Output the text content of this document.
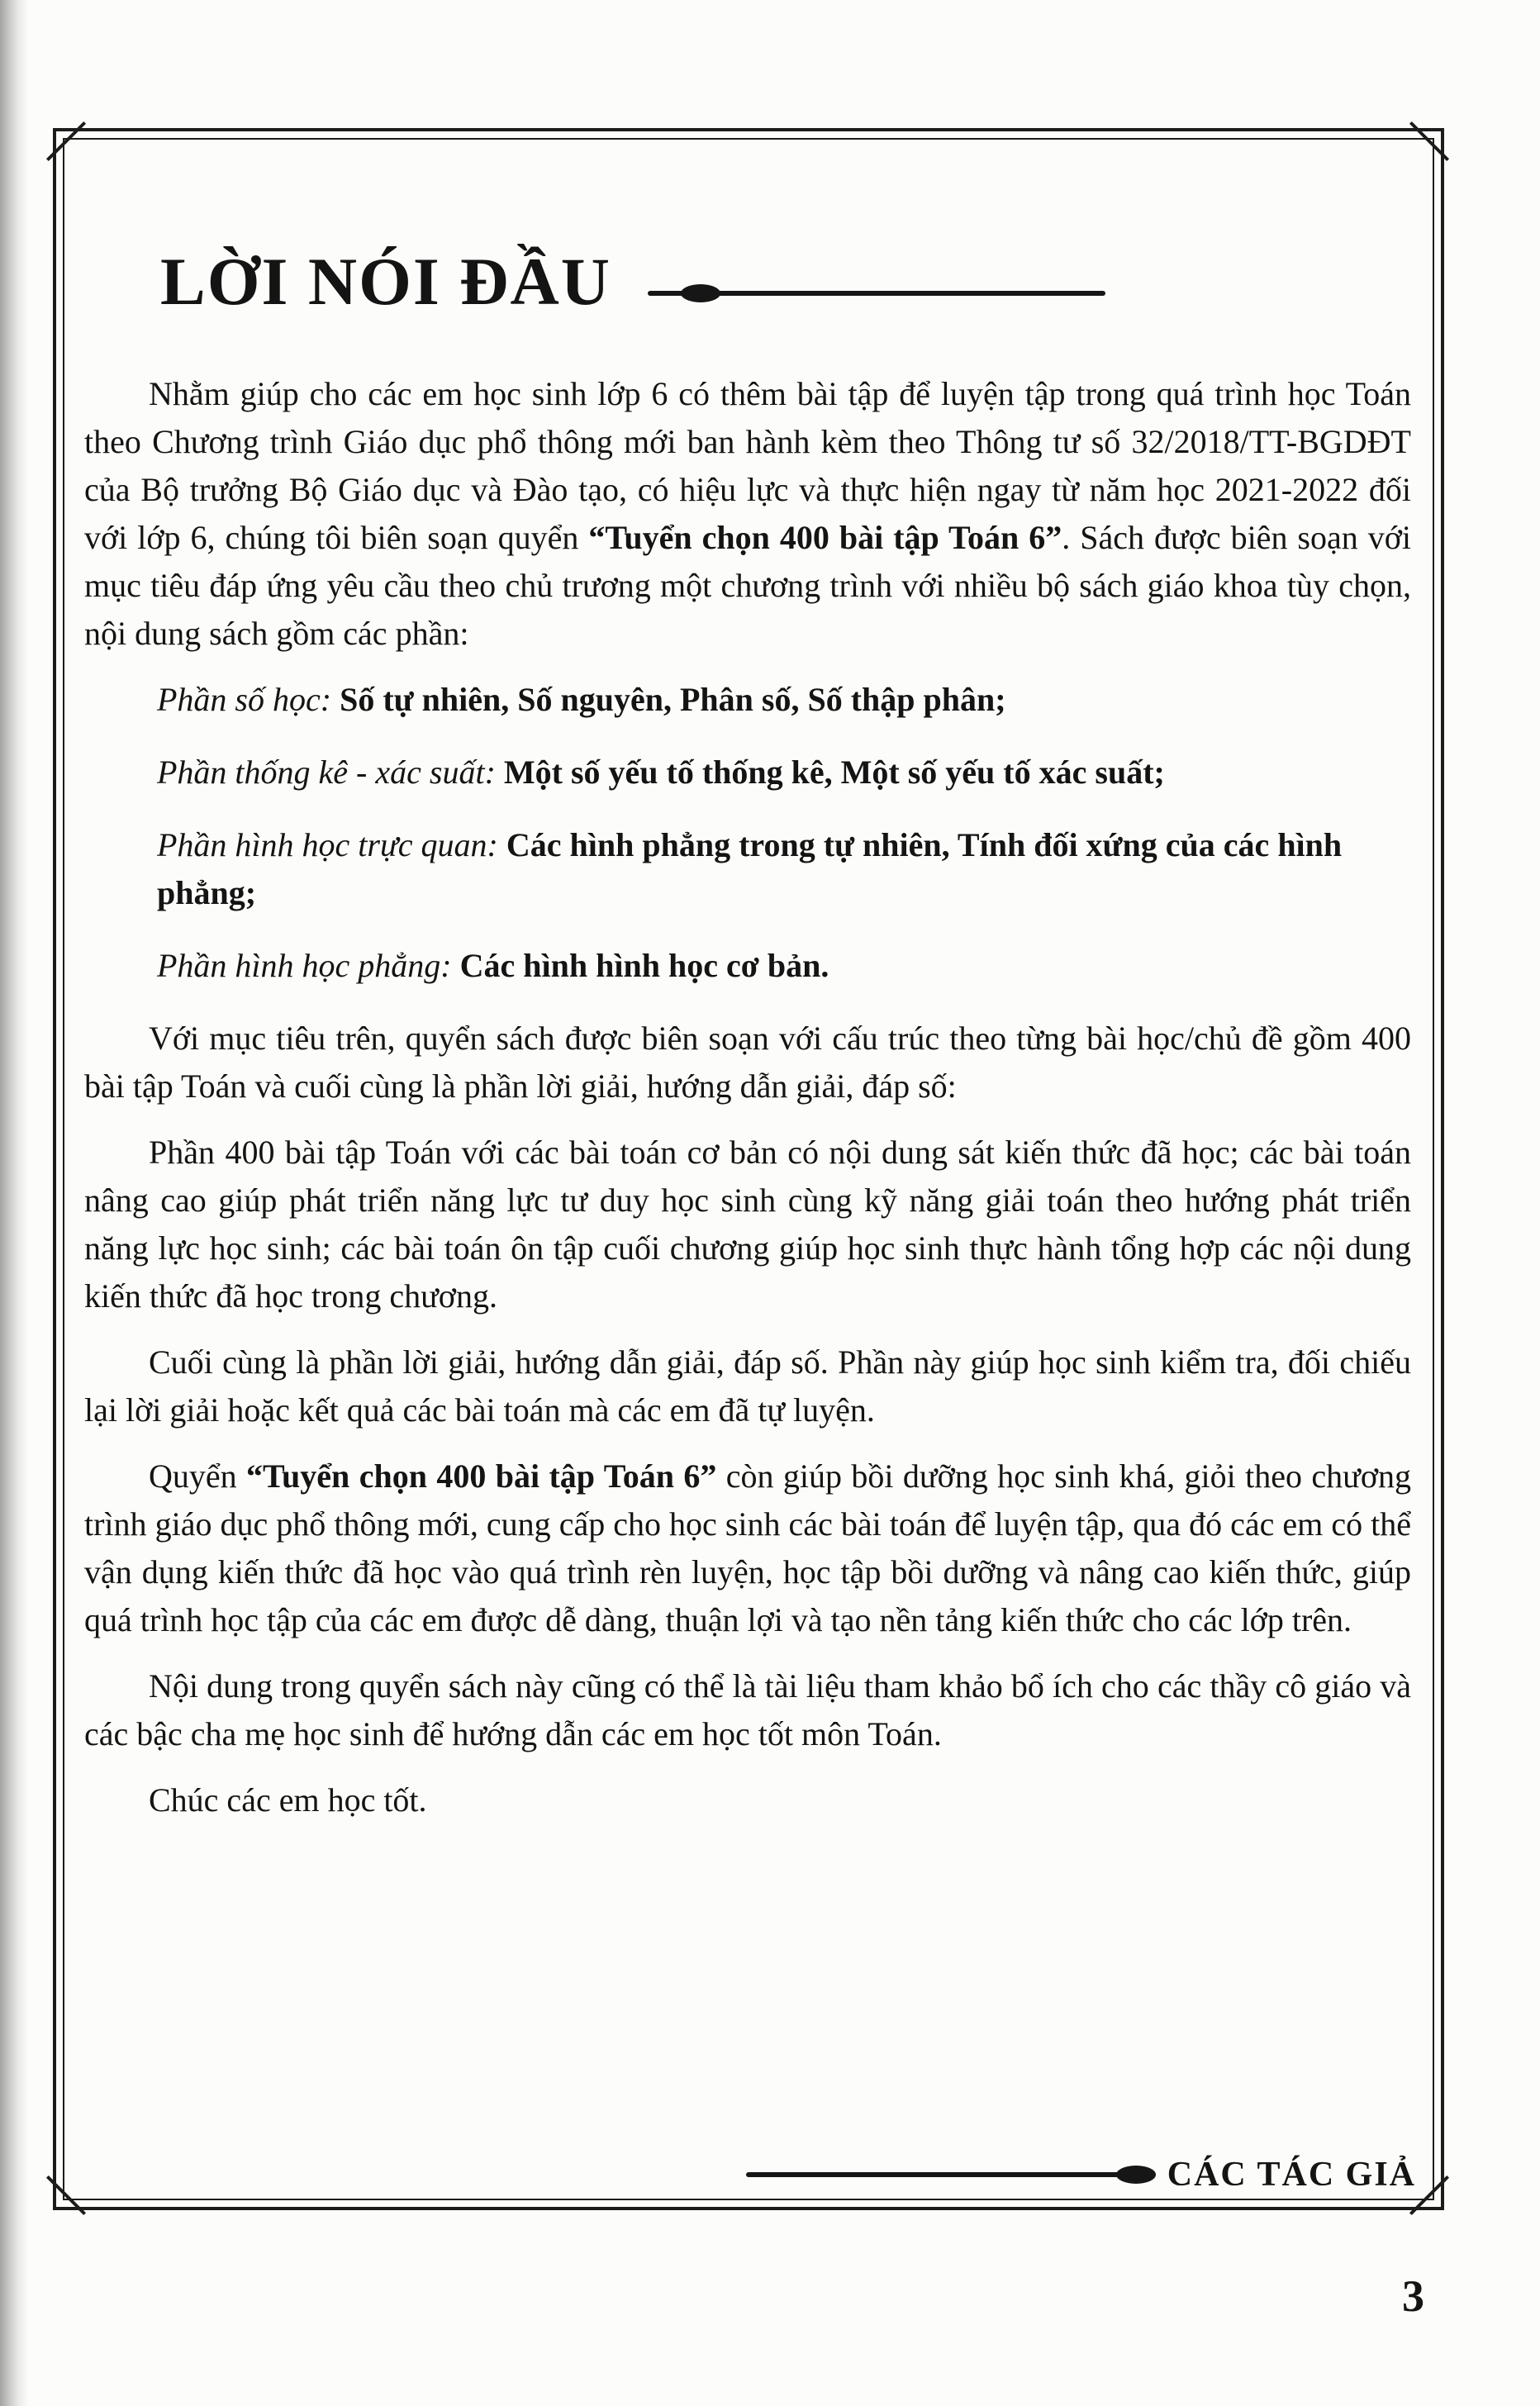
LỜI NÓI ĐẦU

Nhằm giúp cho các em học sinh lớp 6 có thêm bài tập để luyện tập trong quá trình học Toán theo Chương trình Giáo dục phổ thông mới ban hành kèm theo Thông tư số 32/2018/TT-BGDĐT của Bộ trưởng Bộ Giáo dục và Đào tạo, có hiệu lực và thực hiện ngay từ năm học 2021-2022 đối với lớp 6, chúng tôi biên soạn quyển “Tuyển chọn 400 bài tập Toán 6”. Sách được biên soạn với mục tiêu đáp ứng yêu cầu theo chủ trương một chương trình với nhiều bộ sách giáo khoa tùy chọn, nội dung sách gồm các phần:

Phần số học: Số tự nhiên, Số nguyên, Phân số, Số thập phân;

Phần thống kê - xác suất: Một số yếu tố thống kê, Một số yếu tố xác suất;

Phần hình học trực quan: Các hình phẳng trong tự nhiên, Tính đối xứng của các hình phẳng;

Phần hình học phẳng: Các hình hình học cơ bản.

Với mục tiêu trên, quyển sách được biên soạn với cấu trúc theo từng bài học/chủ đề gồm 400 bài tập Toán và cuối cùng là phần lời giải, hướng dẫn giải, đáp số:

Phần 400 bài tập Toán với các bài toán cơ bản có nội dung sát kiến thức đã học; các bài toán nâng cao giúp phát triển năng lực tư duy học sinh cùng kỹ năng giải toán theo hướng phát triển năng lực học sinh; các bài toán ôn tập cuối chương giúp học sinh thực hành tổng hợp các nội dung kiến thức đã học trong chương.

Cuối cùng là phần lời giải, hướng dẫn giải, đáp số. Phần này giúp học sinh kiểm tra, đối chiếu lại lời giải hoặc kết quả các bài toán mà các em đã tự luyện.

Quyển “Tuyển chọn 400 bài tập Toán 6” còn giúp bồi dưỡng học sinh khá, giỏi theo chương trình giáo dục phổ thông mới, cung cấp cho học sinh các bài toán để luyện tập, qua đó các em có thể vận dụng kiến thức đã học vào quá trình rèn luyện, học tập bồi dưỡng và nâng cao kiến thức, giúp quá trình học tập của các em được dễ dàng, thuận lợi và tạo nền tảng kiến thức cho các lớp trên.

Nội dung trong quyển sách này cũng có thể là tài liệu tham khảo bổ ích cho các thầy cô giáo và các bậc cha mẹ học sinh để hướng dẫn các em học tốt môn Toán.

Chúc các em học tốt.

CÁC TÁC GIẢ
3
